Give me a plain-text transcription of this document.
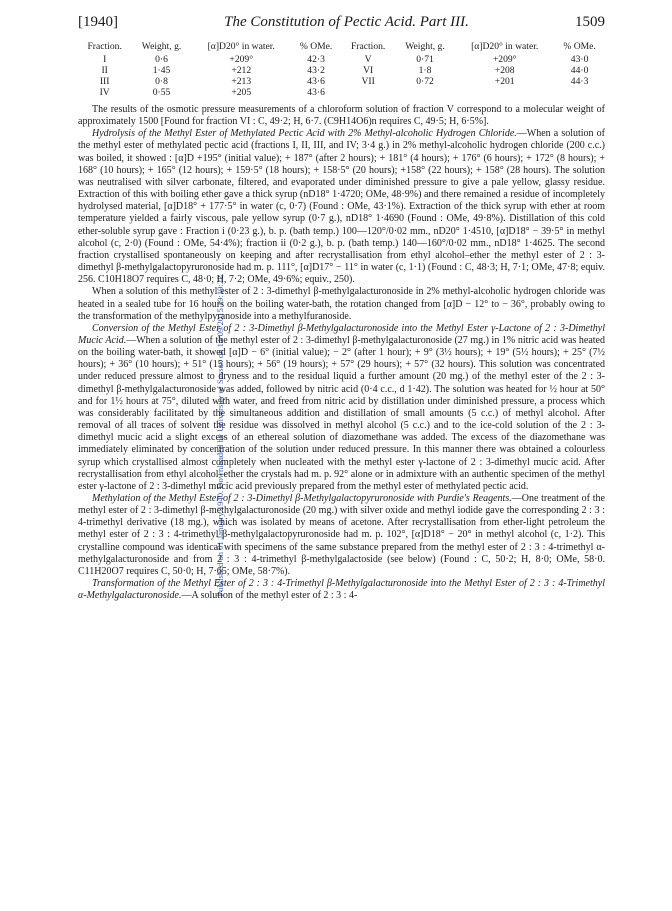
Published on 01 January 1940. Downloaded by University of Sussex on 14/09/2015 19:19:22.
[1940]	The Constitution of Pectic Acid. Part III.	1509
Fraction.	Weight, g.	[α]D20° in water.	% OMe.	Fraction.	Weight, g.	[α]D20° in water.	% OMe.
I	0·6	+209°	42·3	V	0·71	+209°	43·0
II	1·45	+212	43·2	VI	1·8	+208	44·0
III	0·8	+213	43·6	VII	0·72	+201	44·3
IV	0·55	+205	43·6				

The results of the osmotic pressure measurements of a chloroform solution of fraction V correspond to a molecular weight of approximately 1500 [Found for fraction VI : C, 49·2; H, 6·7. (C9H14O6)n requires C, 49·5; H, 6·5%].

Hydrolysis of the Methyl Ester of Methylated Pectic Acid with 2% Methyl-alcoholic Hydrogen Chloride.—When a solution of the methyl ester of methylated pectic acid (fractions I, II, III, and IV; 3·4 g.) in 2% methyl-alcoholic hydrogen chloride (200 c.c.) was boiled, it showed : [α]D +195° (initial value); + 187° (after 2 hours); + 181° (4 hours); + 176° (6 hours); + 172° (8 hours); + 168° (10 hours); + 165° (12 hours); + 159·5° (18 hours); + 158·5° (20 hours); +158° (22 hours); + 158° (28 hours). The solution was neutralised with silver carbonate, filtered, and evaporated under diminished pressure to give a pale yellow, glassy residue. Extraction of this with boiling ether gave a thick syrup (nD18° 1·4720; OMe, 48·9%) and there remained a residue of incompletely hydrolysed material, [α]D18° + 177·5° in water (c, 0·7) (Found : OMe, 43·1%). Extraction of the thick syrup with ether at room temperature yielded a fairly viscous, pale yellow syrup (0·7 g.), nD18° 1·4690 (Found : OMe, 49·8%). Distillation of this cold ether-soluble syrup gave : Fraction i (0·23 g.), b. p. (bath temp.) 100—120°/0·02 mm., nD20° 1·4510, [α]D18° − 39·5° in methyl alcohol (c, 2·0) (Found : OMe, 54·4%); fraction ii (0·2 g.), b. p. (bath temp.) 140—160°/0·02 mm., nD18° 1·4625. The second fraction crystallised spontaneously on keeping and after recrystallisation from ethyl alcohol–ether the methyl ester of 2 : 3-dimethyl β-methylgalactopyruronoside had m. p. 111°, [α]D17° − 11° in water (c, 1·1) (Found : C, 48·3; H, 7·1; OMe, 47·8; equiv. 256. C10H18O7 requires C, 48·0; H, 7·2; OMe, 49·6%; equiv., 250).

When a solution of this methyl ester of 2 : 3-dimethyl β-methylgalacturonoside in 2% methyl-alcoholic hydrogen chloride was heated in a sealed tube for 16 hours on the boiling water-bath, the rotation changed from [α]D − 12° to − 36°, probably owing to the transformation of the methylpyranoside into a methylfuranoside.

Conversion of the Methyl Ester of 2 : 3-Dimethyl β-Methylgalacturonoside into the Methyl Ester γ-Lactone of 2 : 3-Dimethyl Mucic Acid.—When a solution of the methyl ester of 2 : 3-dimethyl β-methylgalacturonoside (27 mg.) in 1% nitric acid was heated on the boiling water-bath, it showed [α]D − 6° (initial value); − 2° (after 1 hour); + 9° (3½ hours); + 19° (5½ hours); + 25° (7½ hours); + 36° (10 hours); + 51° (15 hours); + 56° (19 hours); + 57° (29 hours); + 57° (32 hours). This solution was concentrated under reduced pressure almost to dryness and to the residual liquid a further amount (20 mg.) of the methyl ester of the 2 : 3-dimethyl β-methylgalacturonoside was added, followed by nitric acid (0·4 c.c., d 1·42). The solution was heated for ½ hour at 50° and for 1½ hours at 75°, diluted with water, and freed from nitric acid by distillation under diminished pressure, a process which was considerably facilitated by the simultaneous addition and distillation of small amounts (5 c.c.) of methyl alcohol. After removal of all traces of solvent the residue was dissolved in methyl alcohol (5 c.c.) and to the ice-cold solution of the 2 : 3-dimethyl mucic acid a slight excess of an ethereal solution of diazomethane was added. The excess of the diazomethane was immediately eliminated by concentration of the solution under reduced pressure. In this manner there was obtained a colourless syrup which crystallised almost completely when nucleated with the methyl ester γ-lactone of 2 : 3-dimethyl mucic acid. After recrystallisation from ethyl alcohol–ether the crystals had m. p. 92° alone or in admixture with an authentic specimen of the methyl ester γ-lactone of 2 : 3-dimethyl mucic acid previously prepared from the methyl ester of methylated pectic acid.

Methylation of the Methyl Ester of 2 : 3-Dimethyl β-Methylgalactopyruronoside with Purdie's Reagents.—One treatment of the methyl ester of 2 : 3-dimethyl β-methylgalacturonoside (20 mg.) with silver oxide and methyl iodide gave the corresponding 2 : 3 : 4-trimethyl derivative (18 mg.), which was isolated by means of acetone. After recrystallisation from ether-light petroleum the methyl ester of 2 : 3 : 4-trimethyl β-methylgalactopyruronoside had m. p. 102°, [α]D18° − 20° in methyl alcohol (c, 1·2). This crystalline compound was identical with specimens of the same substance prepared from the methyl ester of 2 : 3 : 4-trimethyl α-methylgalacturonoside and from 2 : 3 : 4-trimethyl β-methylgalactoside (see below) (Found : C, 50·2; H, 8·0; OMe, 58·0. C11H20O7 requires C, 50·0; H, 7·65; OMe, 58·7%).

Transformation of the Methyl Ester of 2 : 3 : 4-Trimethyl β-Methylgalacturonoside into the Methyl Ester of 2 : 3 : 4-Trimethyl α-Methylgalacturonoside.—A solution of the methyl ester of 2 : 3 : 4-
